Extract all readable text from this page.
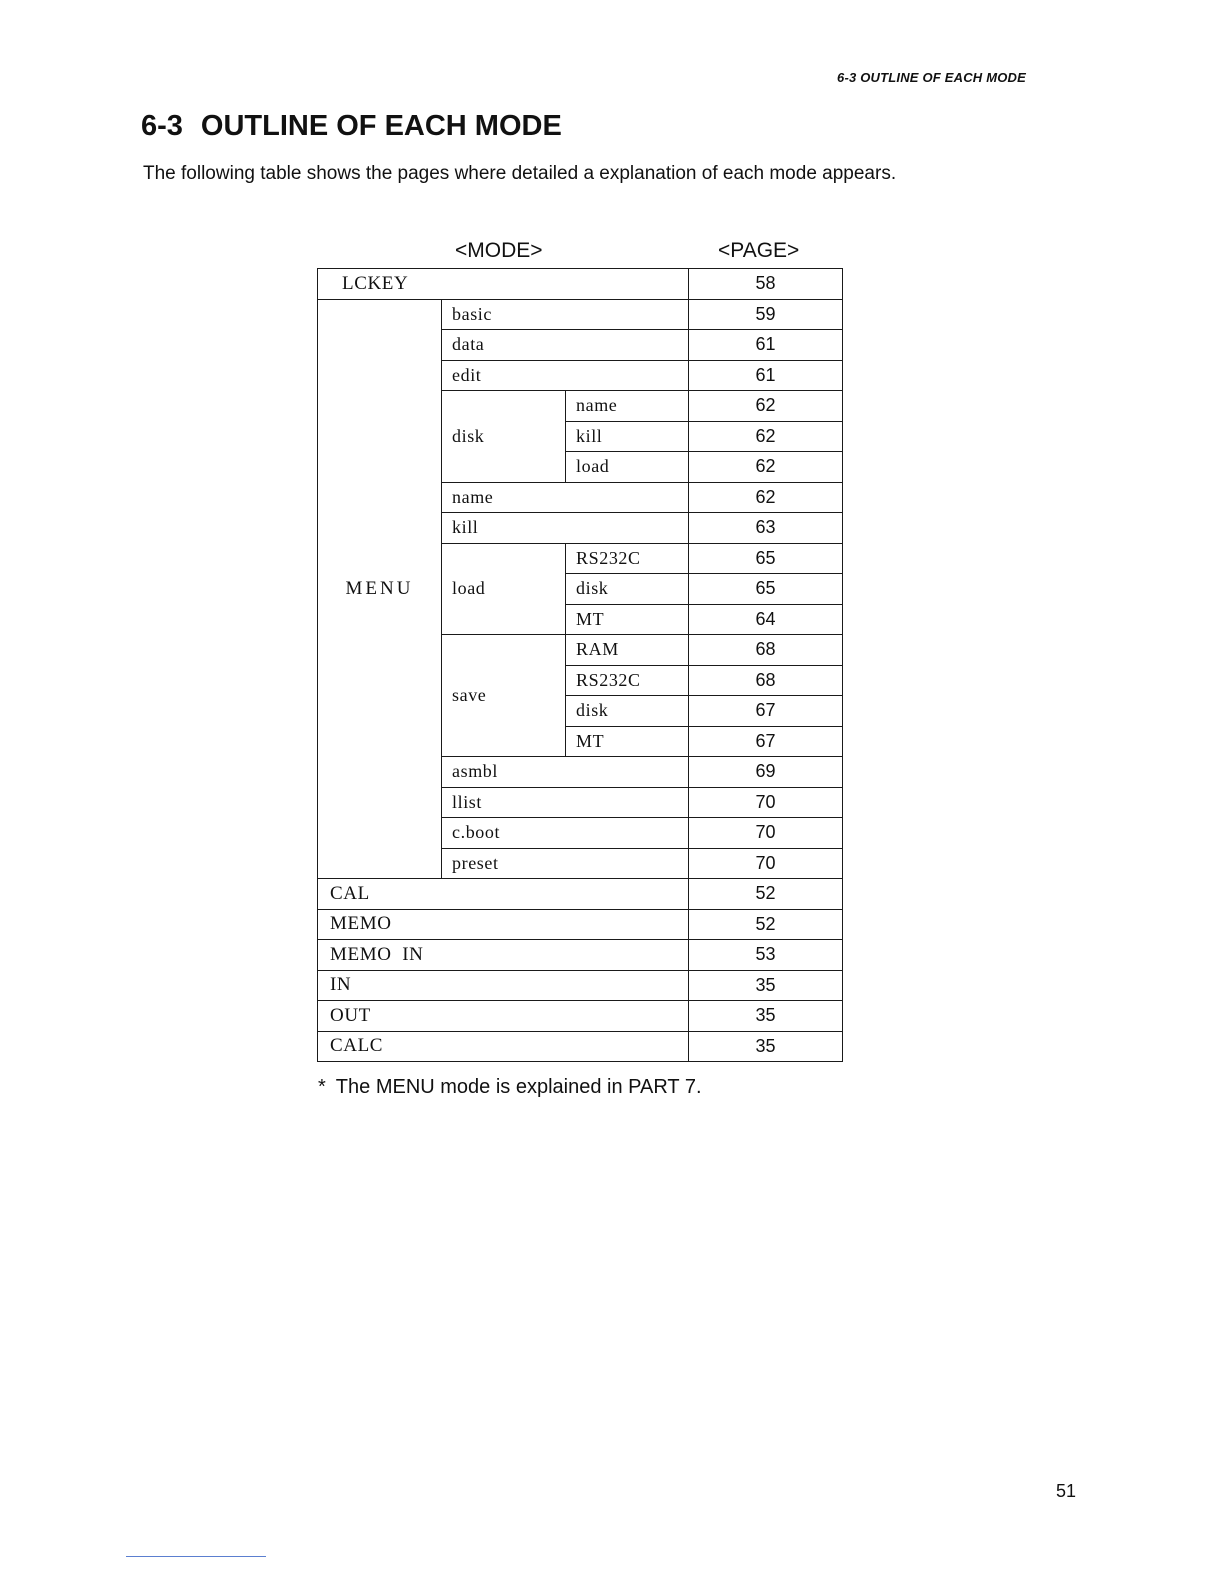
6-3 OUTLINE OF EACH MODE
6-3 OUTLINE OF EACH MODE

The following table shows the pages where detailed a explanation of each mode appears.

<MODE>	<PAGE>
LCKEY			58
MENU	basic		59
	data		61
	edit		61
	disk	name	62
		kill	62
		load	62
	name		62
	kill		63
	load	RS232C	65
		disk	65
		MT	64
	save	RAM	68
		RS232C	68
		disk	67
		MT	67
	asmbl		69
	llist		70
	c.boot		70
	preset		70
CAL			52
MEMO			52
MEMO  IN			53
IN			35
OUT			35
CALC			35

* The MENU mode is explained in PART 7.

51
